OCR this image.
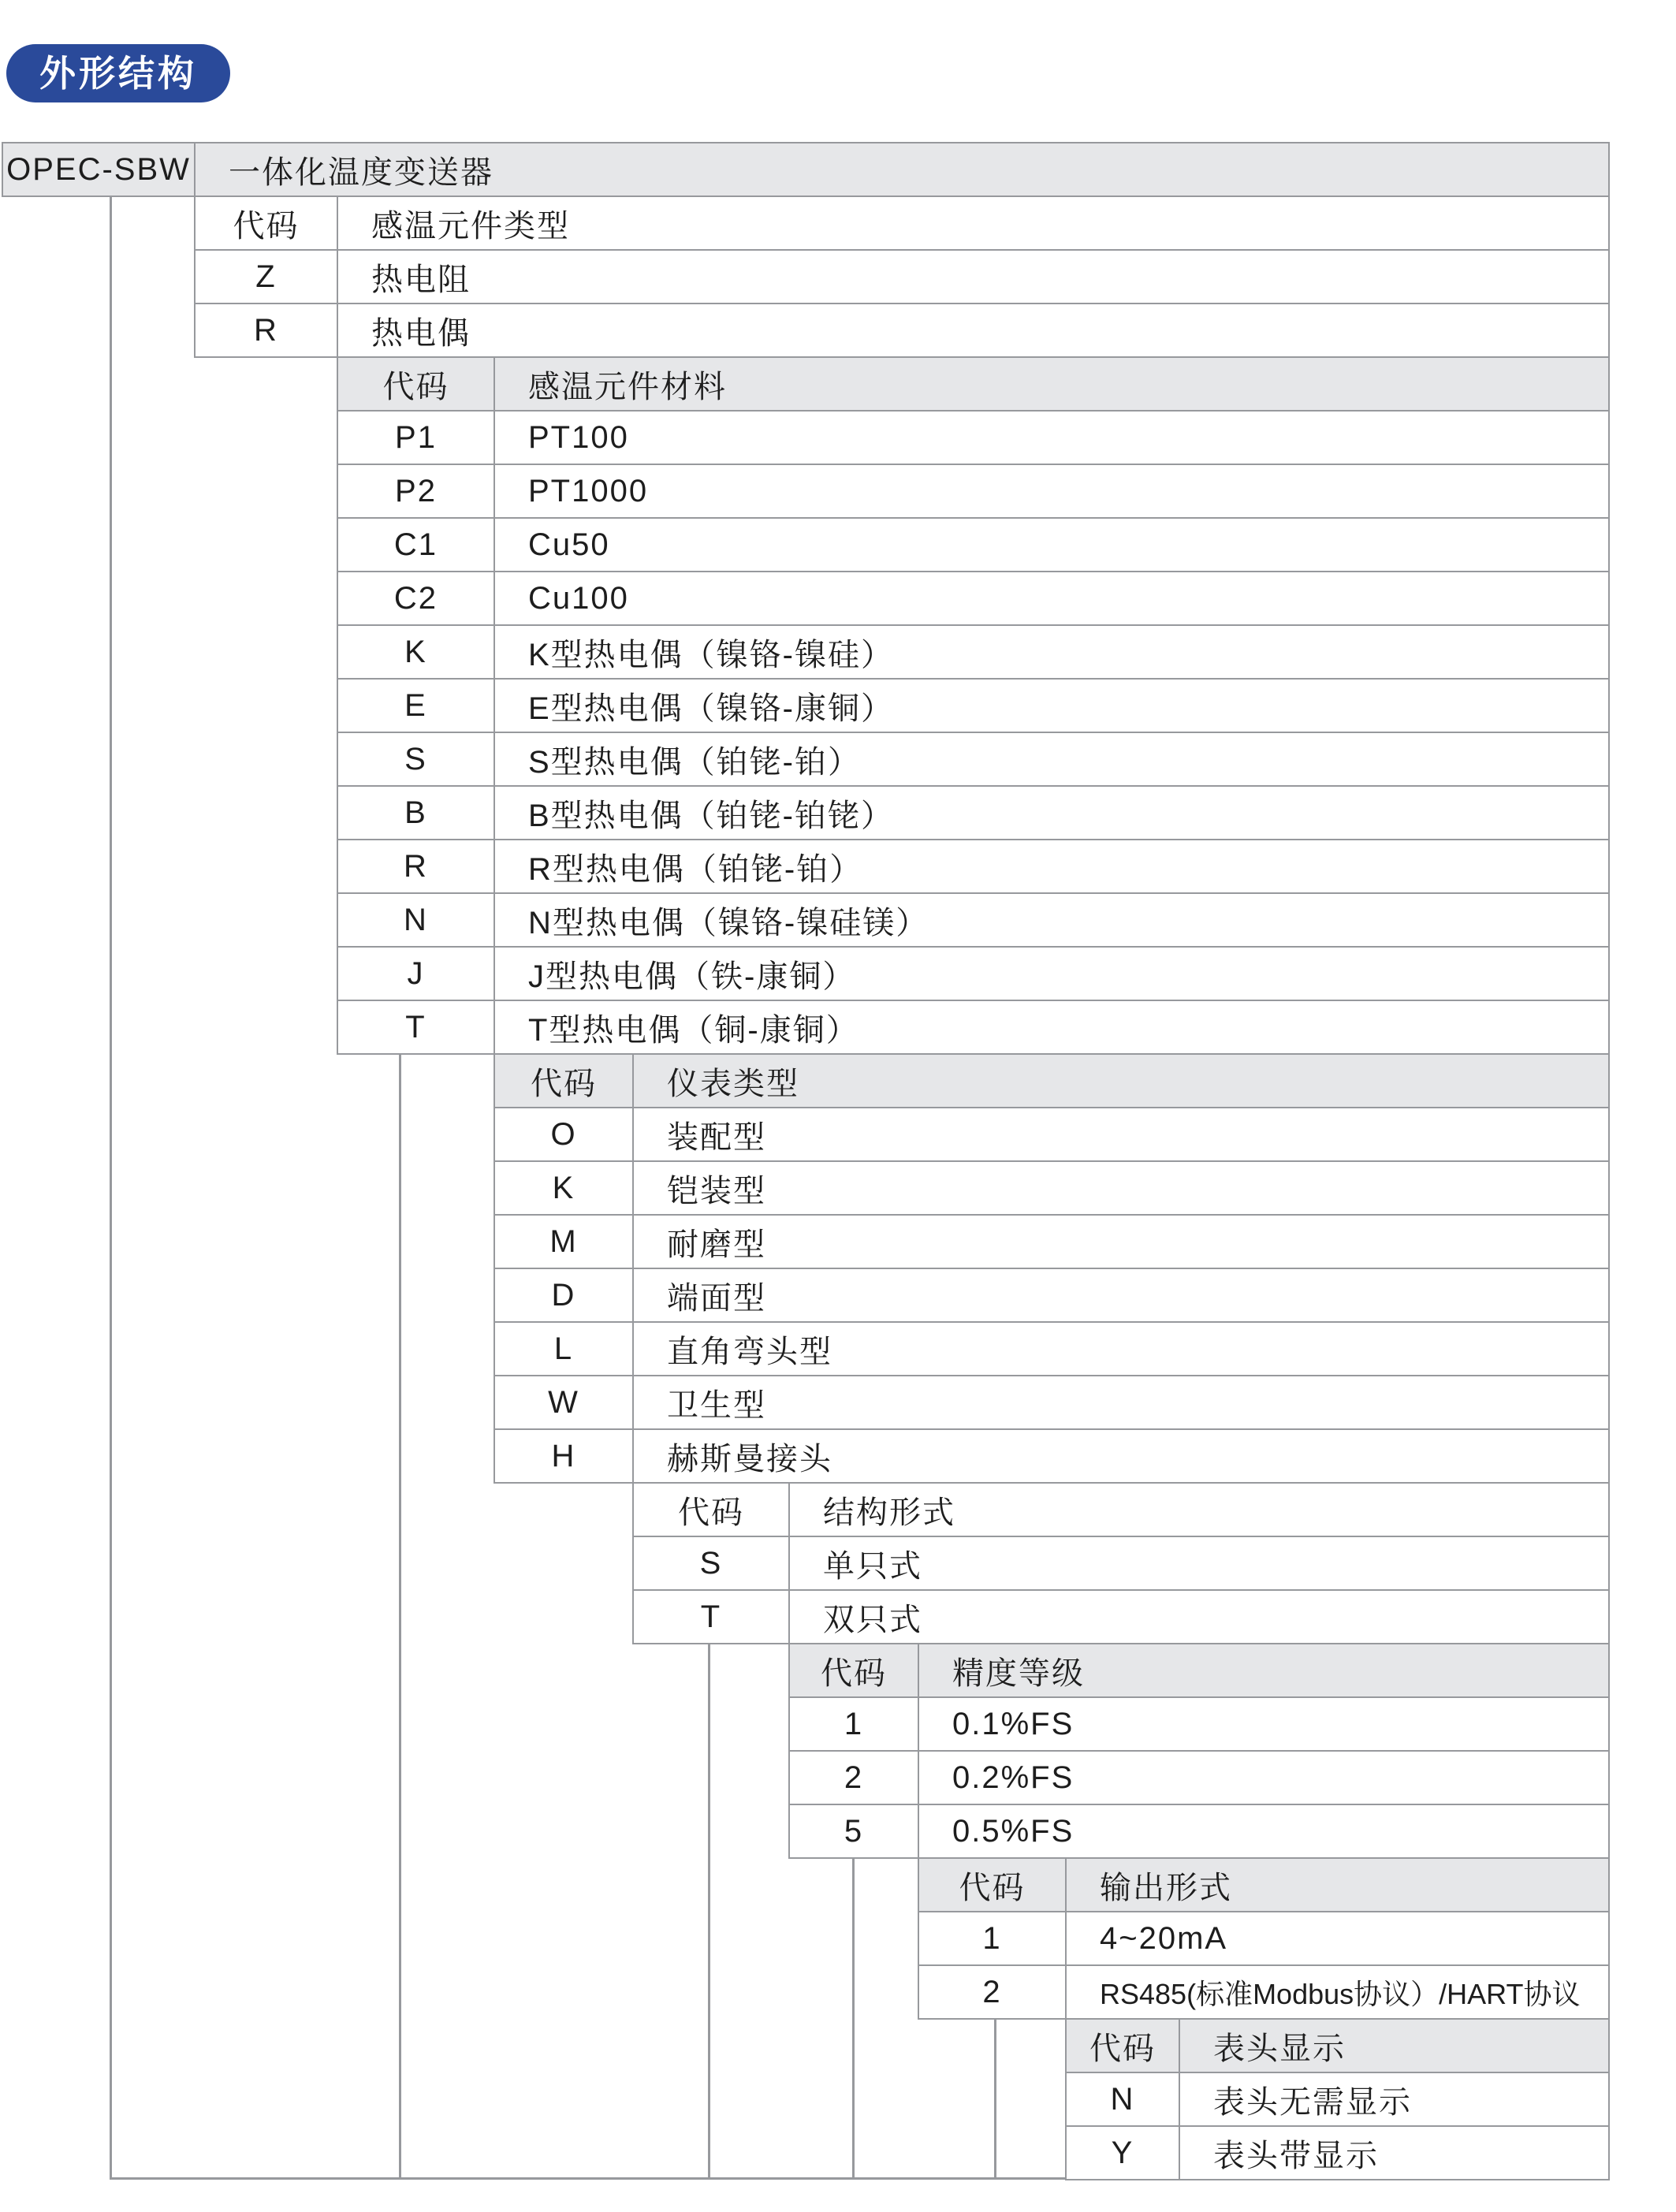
外形结构
OPEC-SBW	一体化温度变送器
代码	感温元件类型
Z	热电阻
R	热电偶
代码	感温元件材料
P1	PT100
P2	PT1000
C1	Cu50
C2	Cu100
K	K型热电偶（镍铬-镍硅）
E	E型热电偶（镍铬-康铜）
S	S型热电偶（铂铑-铂）
B	B型热电偶（铂铑-铂铑）
R	R型热电偶（铂铑-铂）
N	N型热电偶（镍铬-镍硅镁）
J	J型热电偶（铁-康铜）
T	T型热电偶（铜-康铜）
代码	仪表类型
O	装配型
K	铠装型
M	耐磨型
D	端面型
L	直角弯头型
W	卫生型
H	赫斯曼接头
代码	结构形式
S	单只式
T	双只式
代码	精度等级
1	0.1%FS
2	0.2%FS
5	0.5%FS
代码	输出形式
1	4~20mA
2	RS485(标准Modbus协议）/HART协议
代码	表头显示
N	表头无需显示
Y	表头带显示
